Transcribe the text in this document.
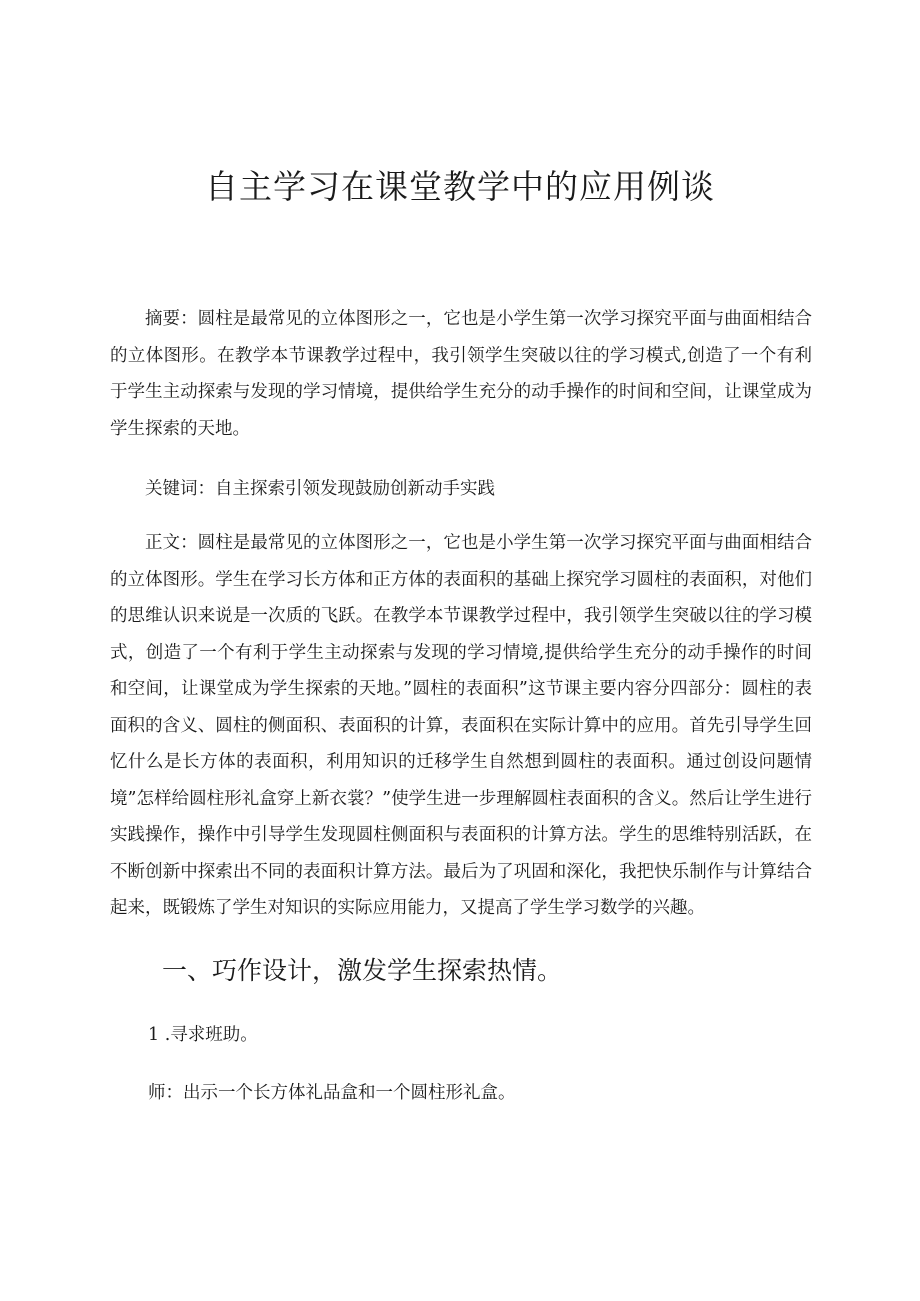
自主学习在课堂教学中的应用例谈

摘要：圆柱是最常见的立体图形之一，它也是小学生第一次学习探究平面与曲面相结合的立体图形。在教学本节课教学过程中，我引领学生突破以往的学习模式,创造了一个有利于学生主动探索与发现的学习情境，提供给学生充分的动手操作的时间和空间，让课堂成为学生探索的天地。

关键词：自主探索引领发现鼓励创新动手实践

正文：圆柱是最常见的立体图形之一，它也是小学生第一次学习探究平面与曲面相结合的立体图形。学生在学习长方体和正方体的表面积的基础上探究学习圆柱的表面积，对他们的思维认识来说是一次质的飞跃。在教学本节课教学过程中，我引领学生突破以往的学习模式，创造了一个有利于学生主动探索与发现的学习情境,提供给学生充分的动手操作的时间和空间，让课堂成为学生探索的天地。”圆柱的表面积”这节课主要内容分四部分：圆柱的表面积的含义、圆柱的侧面积、表面积的计算，表面积在实际计算中的应用。首先引导学生回忆什么是长方体的表面积，利用知识的迁移学生自然想到圆柱的表面积。通过创设问题情境”怎样给圆柱形礼盒穿上新衣裳？”使学生进一步理解圆柱表面积的含义。然后让学生进行实践操作，操作中引导学生发现圆柱侧面积与表面积的计算方法。学生的思维特别活跃，在不断创新中探索出不同的表面积计算方法。最后为了巩固和深化，我把快乐制作与计算结合起来，既锻炼了学生对知识的实际应用能力，又提高了学生学习数学的兴趣。

一、巧作设计，激发学生探索热情。

1 .寻求班助。

师：出示一个长方体礼品盒和一个圆柱形礼盒。
